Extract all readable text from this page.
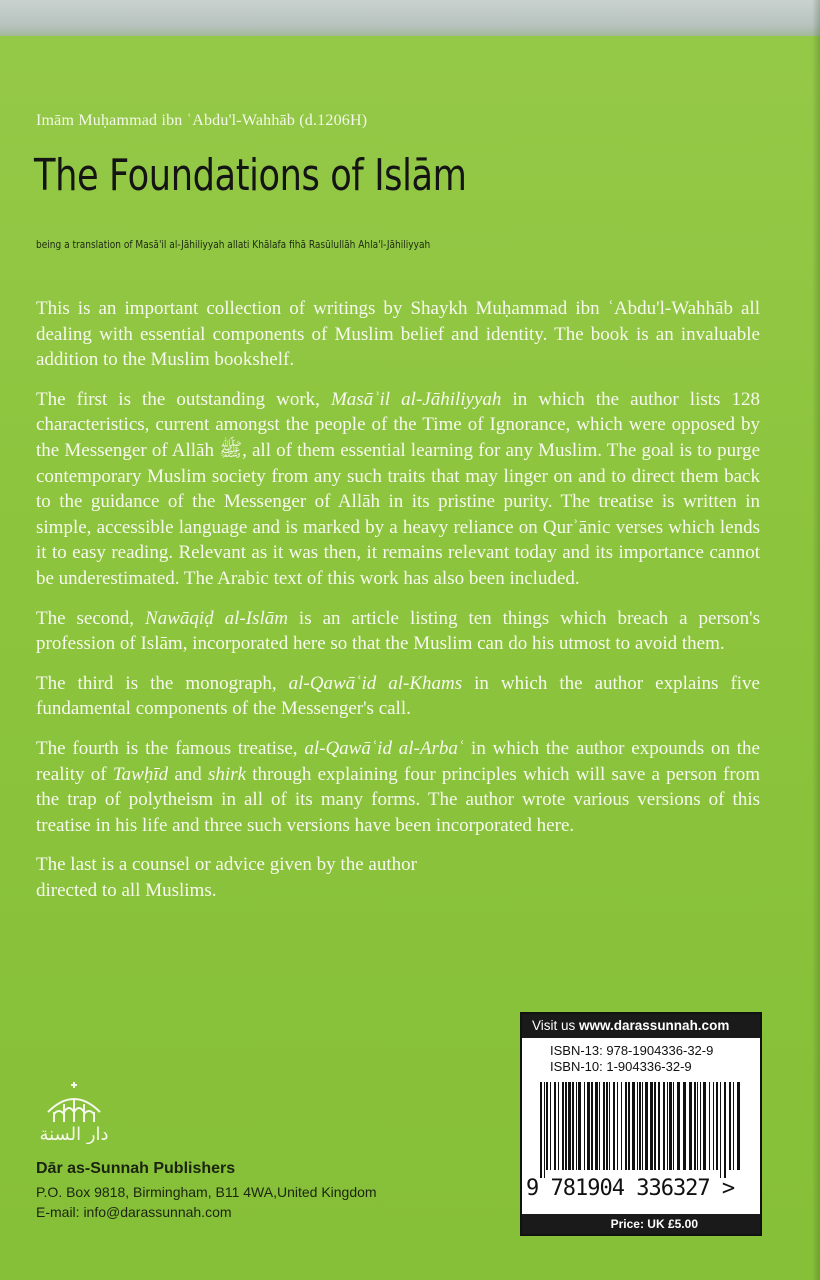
Imām Muḥammad ibn ʿAbdu'l-Wahhāb (d.1206H)
The Foundations of Islām
being a translation of Masā'il al-Jāhiliyyah allati Khālafa fihā Rasūlullāh Ahla'l-Jāhiliyyah

This is an important collection of writings by Shaykh Muḥammad ibn ʿAbdu'l-Wahhāb all dealing with essential components of Muslim belief and identity. The book is an invaluable addition to the Muslim bookshelf.

The first is the outstanding work, Masāʾil al-Jāhiliyyah in which the author lists 128 characteristics, current amongst the people of the Time of Ignorance, which were opposed by the Messenger of Allāh ﷺ, all of them essential learning for any Muslim. The goal is to purge contemporary Muslim society from any such traits that may linger on and to direct them back to the guidance of the Messenger of Allāh in its pristine purity. The treatise is written in simple, accessible language and is marked by a heavy reliance on Qurʾānic verses which lends it to easy reading. Relevant as it was then, it remains relevant today and its importance cannot be underestimated. The Arabic text of this work has also been included.

The second, Nawāqiḍ al-Islām is an article listing ten things which breach a person's profession of Islām, incorporated here so that the Muslim can do his utmost to avoid them.

The third is the monograph, al-Qawāʿid al-Khams in which the author explains five fundamental components of the Messenger's call.

The fourth is the famous treatise, al-Qawāʿid al-Arbaʿ in which the author expounds on the reality of Tawḥīd and shirk through explaining four principles which will save a person from the trap of polytheism in all of its many forms. The author wrote various versions of this treatise in his life and three such versions have been incorporated here.

The last is a counsel or advice given by the author directed to all Muslims.

دار السنة
Dār as-Sunnah Publishers
P.O. Box 9818, Birmingham, B11 4WA,United Kingdom
E-mail: info@darassunnah.com
Visit us www.darassunnah.com
ISBN-13: 978-1904336-32-9
ISBN-10: 1-904336-32-9
9 781904 336327 >
Price: UK £5.00
